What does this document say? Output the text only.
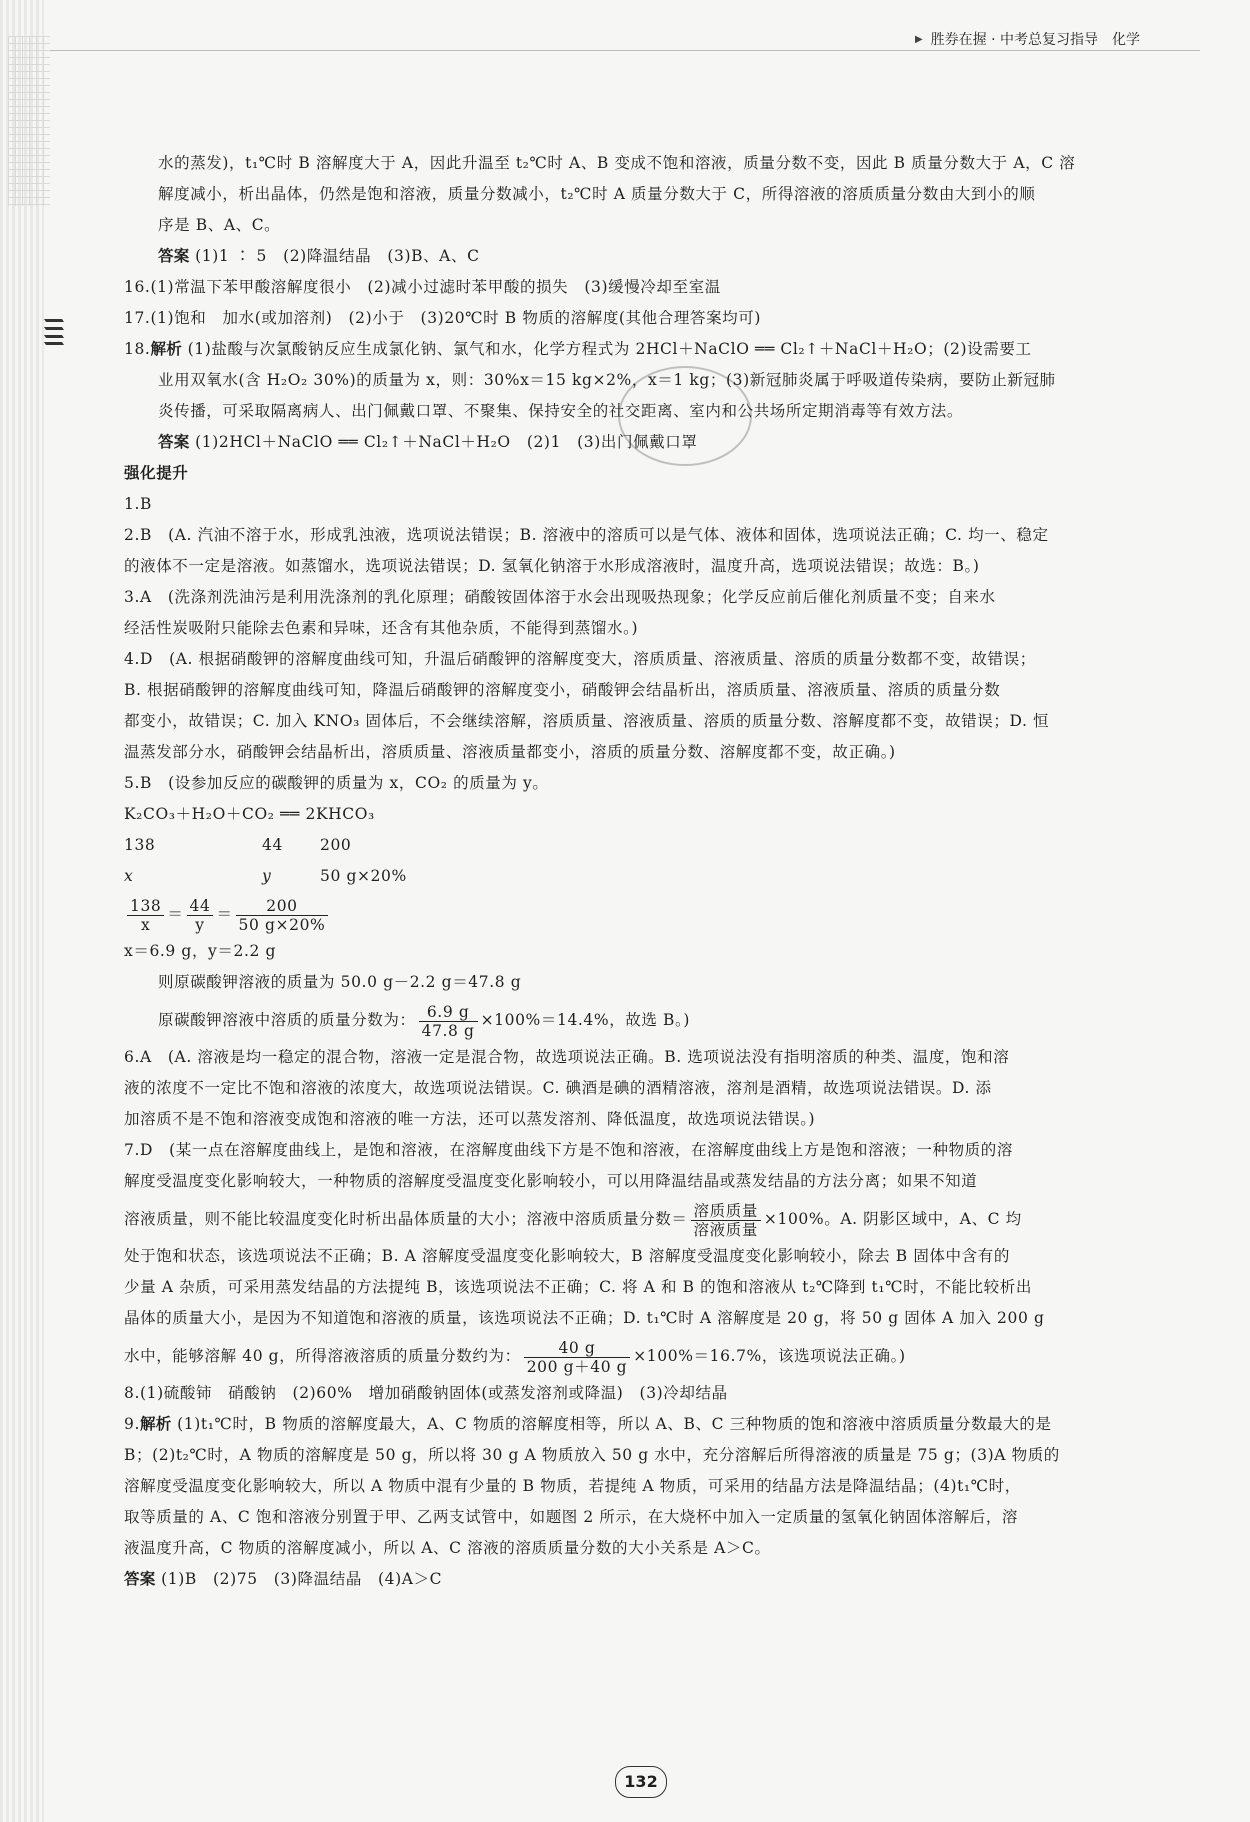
▶ 胜券在握 · 中考总复习指导　化学

水的蒸发)，t₁℃时 B 溶解度大于 A，因此升温至 t₂℃时 A、B 变成不饱和溶液，质量分数不变，因此 B 质量分数大于 A，C 溶

解度减小，析出晶体，仍然是饱和溶液，质量分数减小，t₂℃时 A 质量分数大于 C，所得溶液的溶质质量分数由大到小的顺

序是 B、A、C。

答案 (1)1 ∶ 5　(2)降温结晶　(3)B、A、C

16.(1)常温下苯甲酸溶解度很小　(2)减小过滤时苯甲酸的损失　(3)缓慢冷却至室温

17.(1)饱和　加水(或加溶剂)　(2)小于　(3)20℃时 B 物质的溶解度(其他合理答案均可)

18.解析 (1)盐酸与次氯酸钠反应生成氯化钠、氯气和水，化学方程式为 2HCl＋NaClO ══ Cl₂↑＋NaCl＋H₂O；(2)设需要工

业用双氧水(含 H₂O₂ 30%)的质量为 x，则：30%x＝15 kg×2%，x＝1 kg；(3)新冠肺炎属于呼吸道传染病，要防止新冠肺

炎传播，可采取隔离病人、出门佩戴口罩、不聚集、保持安全的社交距离、室内和公共场所定期消毒等有效方法。

答案 (1)2HCl＋NaClO ══ Cl₂↑＋NaCl＋H₂O　(2)1　(3)出门佩戴口罩

强化提升

1.B

2.B　(A. 汽油不溶于水，形成乳浊液，选项说法错误；B. 溶液中的溶质可以是气体、液体和固体，选项说法正确；C. 均一、稳定

的液体不一定是溶液。如蒸馏水，选项说法错误；D. 氢氧化钠溶于水形成溶液时，温度升高，选项说法错误；故选：B。)

3.A　(洗涤剂洗油污是利用洗涤剂的乳化原理；硝酸铵固体溶于水会出现吸热现象；化学反应前后催化剂质量不变；自来水

经活性炭吸附只能除去色素和异味，还含有其他杂质，不能得到蒸馏水。)

4.D　(A. 根据硝酸钾的溶解度曲线可知，升温后硝酸钾的溶解度变大，溶质质量、溶液质量、溶质的质量分数都不变，故错误；

B. 根据硝酸钾的溶解度曲线可知，降温后硝酸钾的溶解度变小，硝酸钾会结晶析出，溶质质量、溶液质量、溶质的质量分数

都变小，故错误；C. 加入 KNO₃ 固体后，不会继续溶解，溶质质量、溶液质量、溶质的质量分数、溶解度都不变，故错误；D. 恒

温蒸发部分水，硝酸钾会结晶析出，溶质质量、溶液质量都变小，溶质的质量分数、溶解度都不变，故正确。)

5.B　(设参加反应的碳酸钾的质量为 x，CO₂ 的质量为 y。

K₂CO₃＋H₂O＋CO₂ ══ 2KHCO₃

138	44	200

x	y	50 g×20%

$\frac{138}{x} = \frac{44}{y} = \frac{200}{50 g\times 20\%}$

x＝6.9 g，y＝2.2 g

则原碳酸钾溶液的质量为 50.0 g－2.2 g＝47.8 g

原碳酸钾溶液中溶质的质量分数为： $\frac{6.9 g}{47.8 g} \times 100\%=14.4\%$，故选 B。)

6.A　(A. 溶液是均一稳定的混合物，溶液一定是混合物，故选项说法正确。B. 选项说法没有指明溶质的种类、温度，饱和溶

液的浓度不一定比不饱和溶液的浓度大，故选项说法错误。C. 碘酒是碘的酒精溶液，溶剂是酒精，故选项说法错误。D. 添

加溶质不是不饱和溶液变成饱和溶液的唯一方法，还可以蒸发溶剂、降低温度，故选项说法错误。)

7.D　(某一点在溶解度曲线上，是饱和溶液，在溶解度曲线下方是不饱和溶液，在溶解度曲线上方是饱和溶液；一种物质的溶

解度受温度变化影响较大，一种物质的溶解度受温度变化影响较小，可以用降温结晶或蒸发结晶的方法分离；如果不知道

溶液质量，则不能比较温度变化时析出晶体质量的大小；溶液中溶质质量分数＝ $\frac{\text{溶质质量}}{\text{溶液质量}} \times 100\%$。A. 阴影区域中，A、C 均

处于饱和状态，该选项说法不正确；B. A 溶解度受温度变化影响较大，B 溶解度受温度变化影响较小，除去 B 固体中含有的

少量 A 杂质，可采用蒸发结晶的方法提纯 B，该选项说法不正确；C. 将 A 和 B 的饱和溶液从 t₂℃降到 t₁℃时，不能比较析出

晶体的质量大小，是因为不知道饱和溶液的质量，该选项说法不正确；D. t₁℃时 A 溶解度是 20 g，将 50 g 固体 A 加入 200 g

水中，能够溶解 40 g，所得溶液溶质的质量分数约为： $\frac{40 g}{200 g+40 g} \times 100\%=16.7\%$，该选项说法正确。)

8.(1)硫酸铈　硝酸钠　(2)60%　增加硝酸钠固体(或蒸发溶剂或降温)　(3)冷却结晶

9.解析 (1)t₁℃时，B 物质的溶解度最大，A、C 物质的溶解度相等，所以 A、B、C 三种物质的饱和溶液中溶质质量分数最大的是

B；(2)t₂℃时，A 物质的溶解度是 50 g，所以将 30 g A 物质放入 50 g 水中，充分溶解后所得溶液的质量是 75 g；(3)A 物质的

溶解度受温度变化影响较大，所以 A 物质中混有少量的 B 物质，若提纯 A 物质，可采用的结晶方法是降温结晶；(4)t₁℃时，

取等质量的 A、C 饱和溶液分别置于甲、乙两支试管中，如题图 2 所示，在大烧杯中加入一定质量的氢氧化钠固体溶解后，溶

液温度升高，C 物质的溶解度减小，所以 A、C 溶液的溶质质量分数的大小关系是 A＞C。

答案 (1)B　(2)75　(3)降温结晶　(4)A＞C

132
